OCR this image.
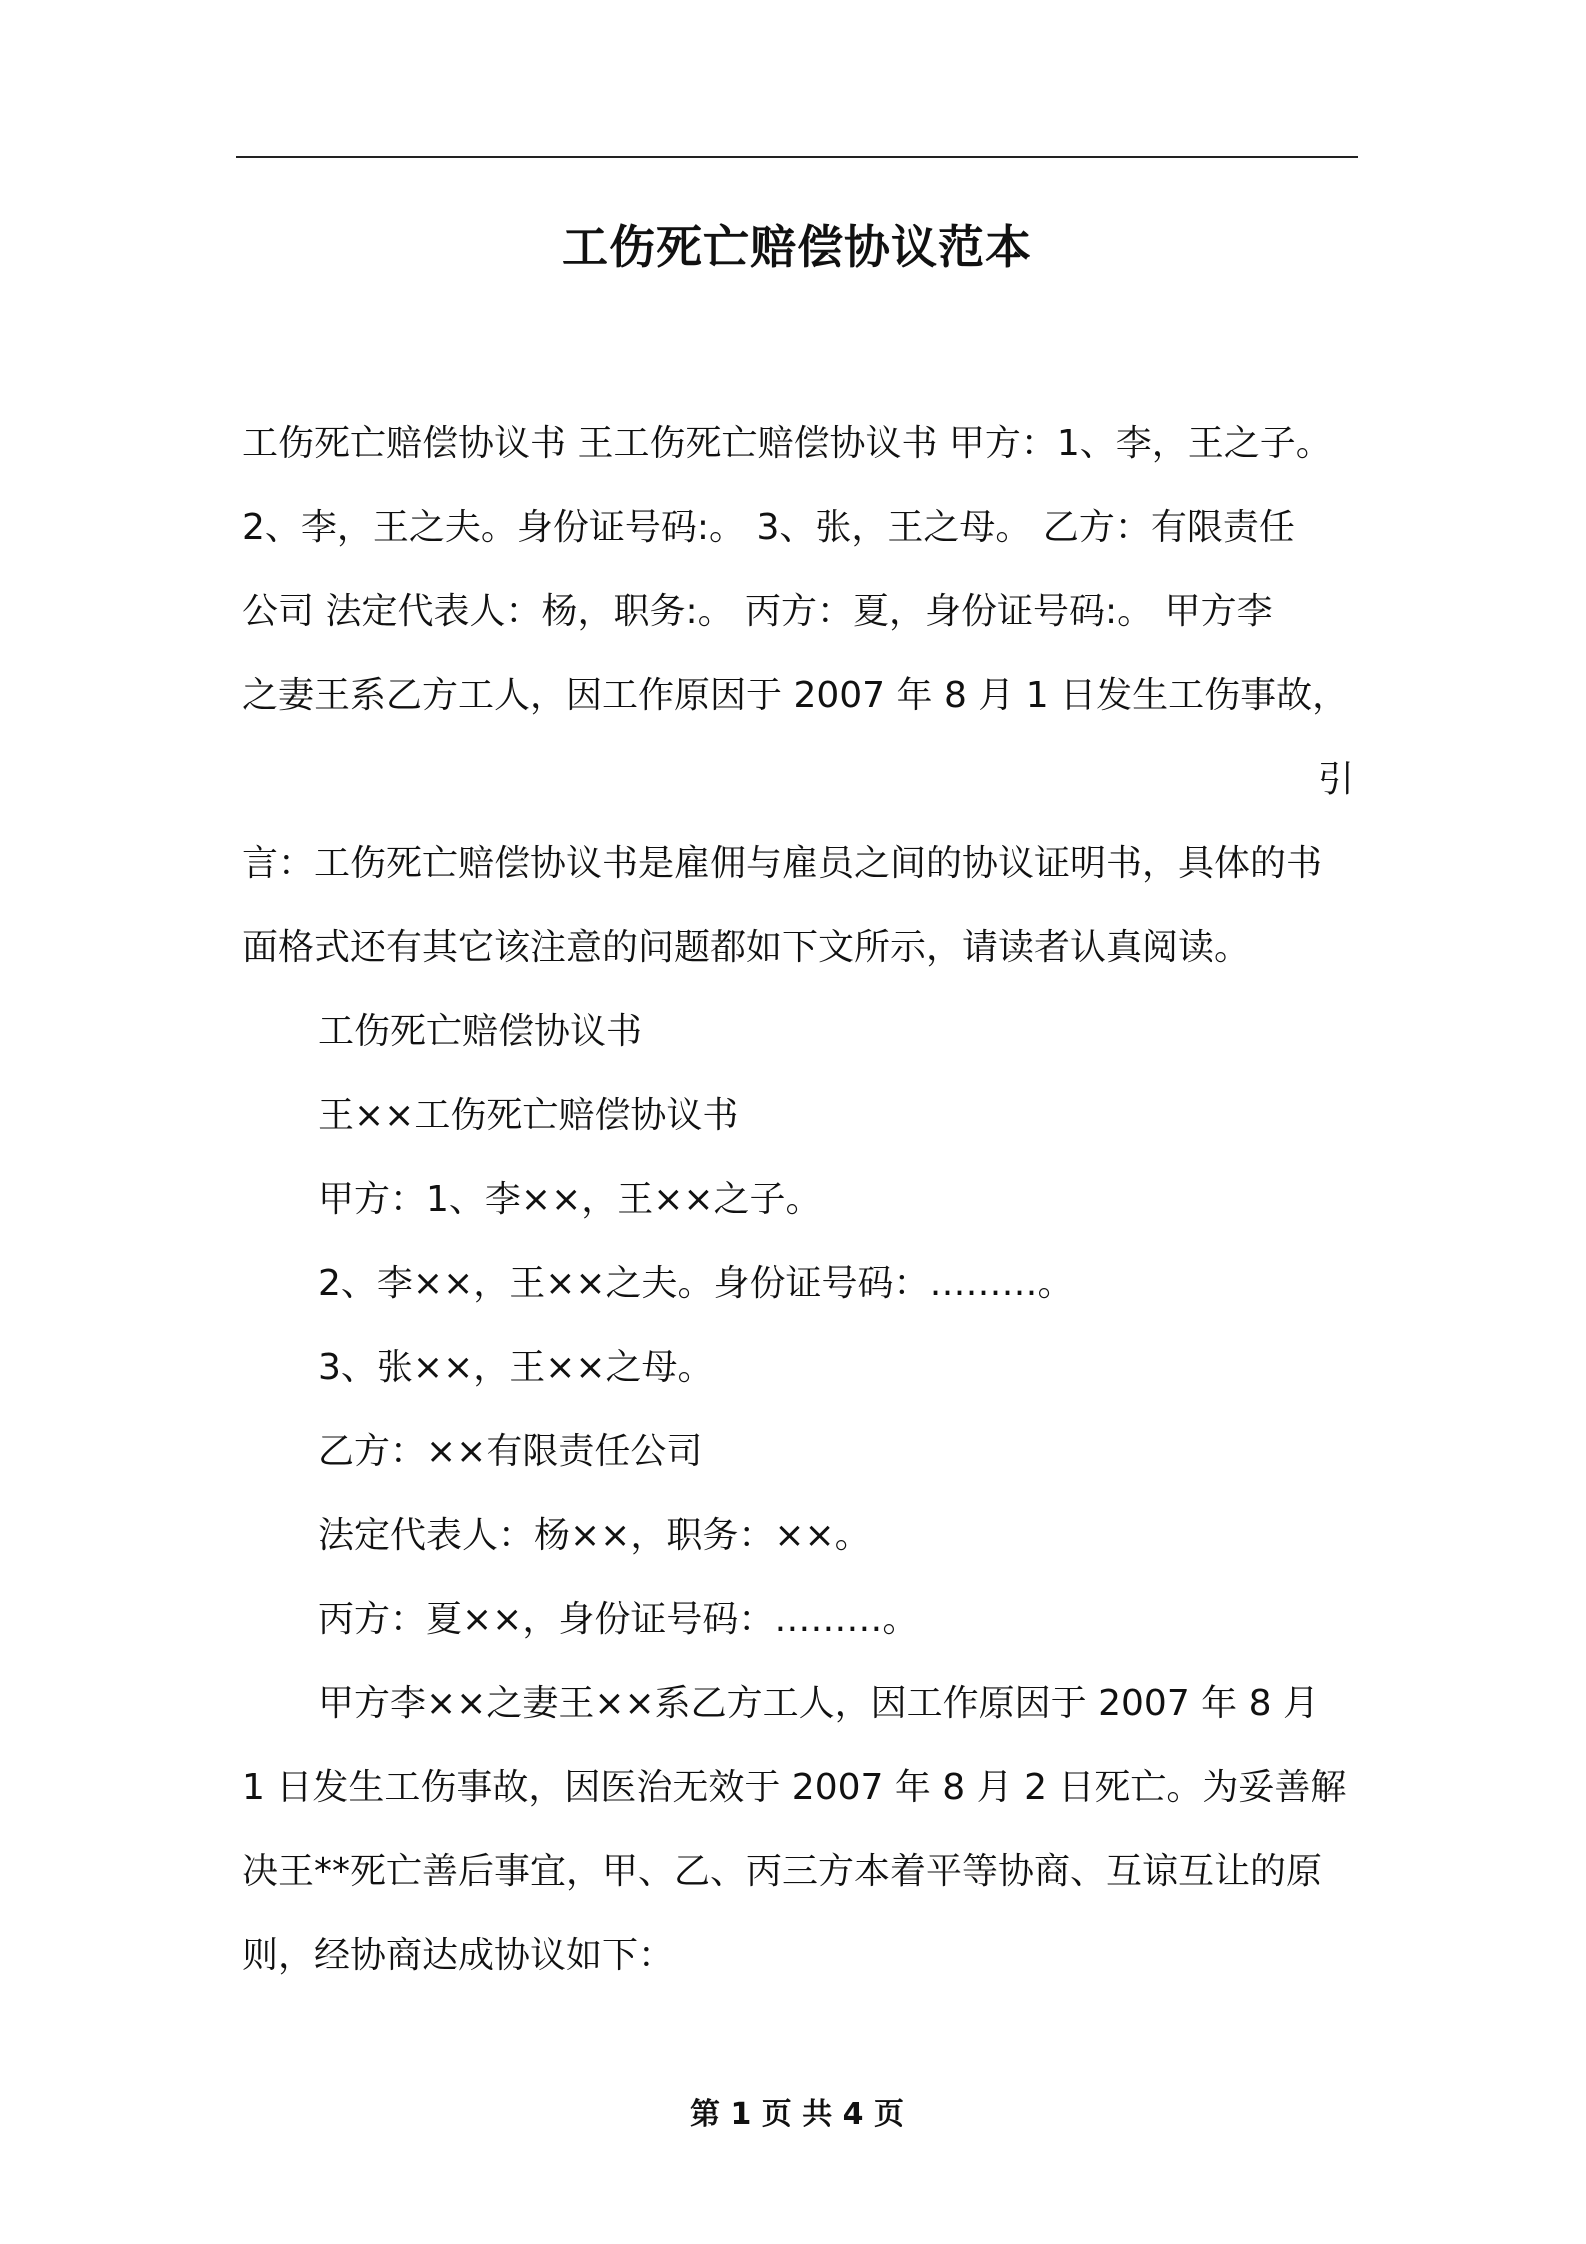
工伤死亡赔偿协议范本
工伤死亡赔偿协议书 王工伤死亡赔偿协议书 甲方：1、李，王之子。
2、李，王之夫。身份证号码:。 3、张，王之母。 乙方：有限责任
公司 法定代表人：杨，职务:。 丙方：夏，身份证号码:。 甲方李
之妻王系乙方工人，因工作原因于 2007 年 8 月 1 日发生工伤事故，
引
言：工伤死亡赔偿协议书是雇佣与雇员之间的协议证明书，具体的书
面格式还有其它该注意的问题都如下文所示，请读者认真阅读。
工伤死亡赔偿协议书
王××工伤死亡赔偿协议书
甲方：1、李××，王××之子。
2、李××，王××之夫。身份证号码：………。
3、张××，王××之母。
乙方：××有限责任公司
法定代表人：杨××，职务：××。
丙方：夏××，身份证号码：………。
甲方李××之妻王××系乙方工人，因工作原因于 2007 年 8 月
1 日发生工伤事故，因医治无效于 2007 年 8 月 2 日死亡。为妥善解
决王**死亡善后事宜，甲、乙、丙三方本着平等协商、互谅互让的原
则，经协商达成协议如下：
第 1 页 共 4 页
